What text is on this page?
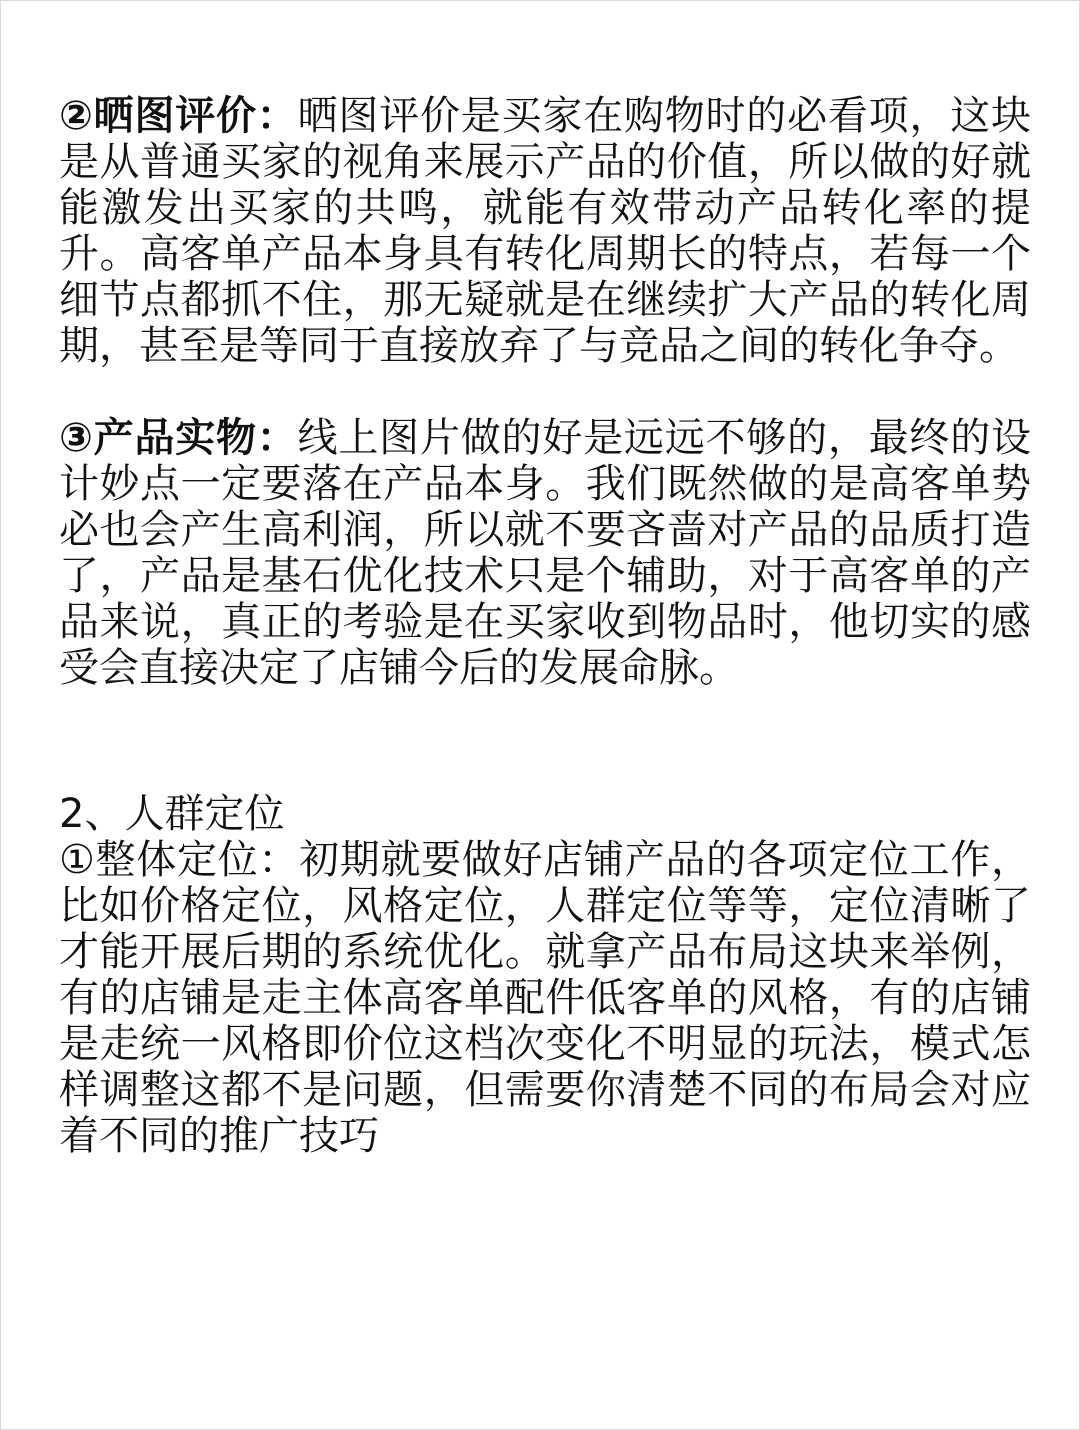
②晒图评价：晒图评价是买家在购物时的必看项，这块是从普通买家的视角来展示产品的价值，所以做的好就能激发出买家的共鸣，就能有效带动产品转化率的提升。高客单产品本身具有转化周期长的特点，若每一个细节点都抓不住，那无疑就是在继续扩大产品的转化周期，甚至是等同于直接放弃了与竞品之间的转化争夺。

③产品实物：线上图片做的好是远远不够的，最终的设计妙点一定要落在产品本身。我们既然做的是高客单势必也会产生高利润，所以就不要吝啬对产品的品质打造了，产品是基石优化技术只是个辅助，对于高客单的产品来说，真正的考验是在买家收到物品时，他切实的感受会直接决定了店铺今后的发展命脉。

2、人群定位

①整体定位：初期就要做好店铺产品的各项定位工作，比如价格定位，风格定位，人群定位等等，定位清晰了才能开展后期的系统优化。就拿产品布局这块来举例，有的店铺是走主体高客单配件低客单的风格，有的店铺是走统一风格即价位这档次变化不明显的玩法，模式怎样调整这都不是问题，但需要你清楚不同的布局会对应着不同的推广技巧
